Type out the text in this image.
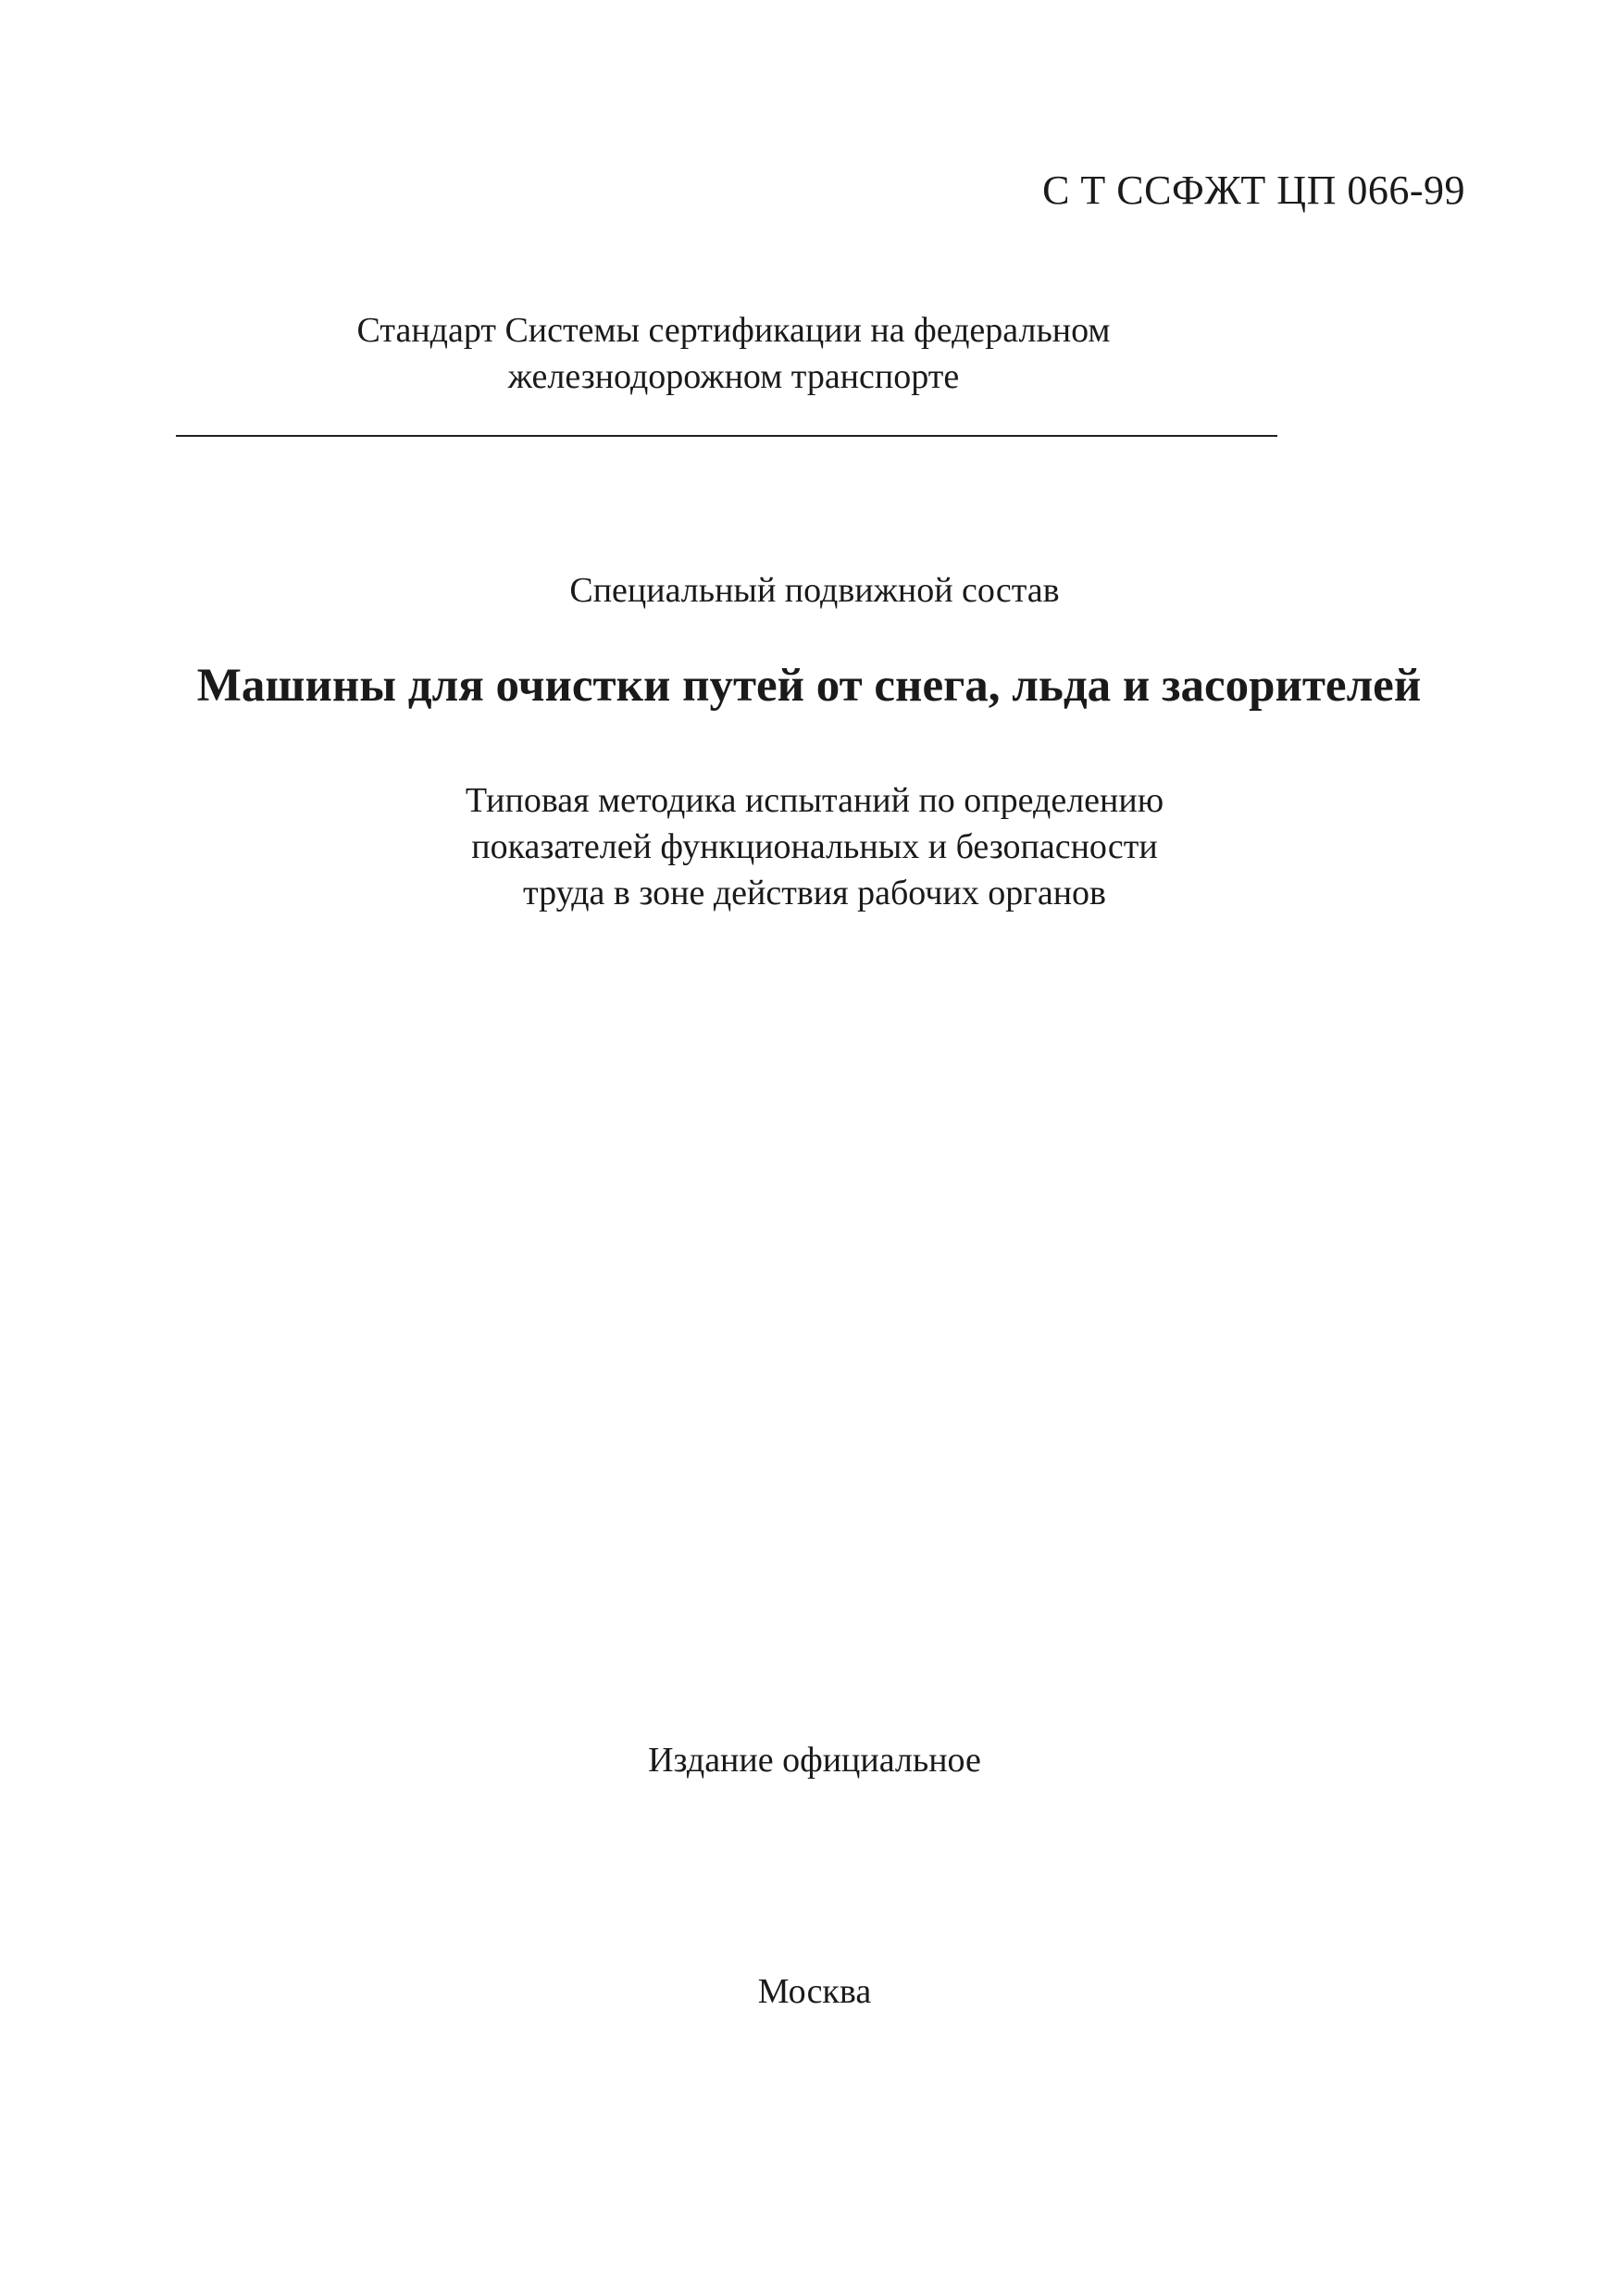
С Т ССФЖТ ЦП 066-99
Стандарт Системы сертификации на федеральном
железнодорожном транспорте
Специальный подвижной состав
Машины для очистки путей от снега, льда и засорителей
Типовая методика испытаний по определению
показателей функциональных и безопасности
труда в зоне действия рабочих органов
Издание официальное
Москва
